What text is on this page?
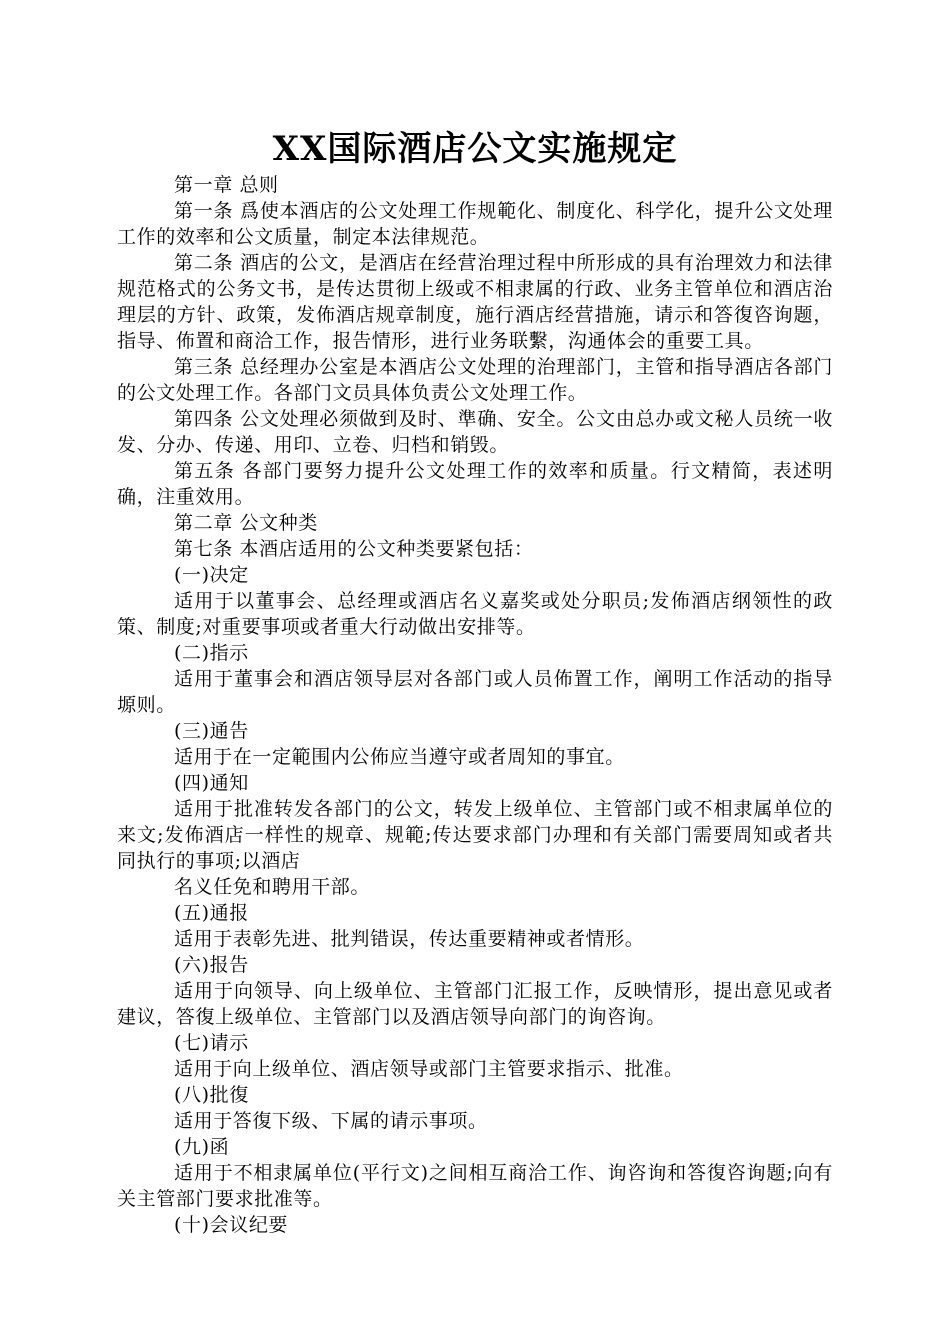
XX国际酒店公文实施规定

第一章 总则

第一条 爲使本酒店的公文处理工作规範化、制度化、科学化，提升公文处理工作的效率和公文质量，制定本法律规范。

第二条 酒店的公文，是酒店在经营治理过程中所形成的具有治理效力和法律规范格式的公务文书，是传达贯彻上级或不相隶属的行政、业务主管单位和酒店治理层的方针、政策，发佈酒店规章制度，施行酒店经营措施，请示和答復咨询题，指导、佈置和商洽工作，报告情形，进行业务联繫，沟通体会的重要工具。

第三条 总经理办公室是本酒店公文处理的治理部门，主管和指导酒店各部门的公文处理工作。各部门文员具体负责公文处理工作。

第四条 公文处理必须做到及时、準确、安全。公文由总办或文秘人员统一收发、分办、传递、用印、立卷、归档和销毁。

第五条 各部门要努力提升公文处理工作的效率和质量。行文精简，表述明确，注重效用。

第二章 公文种类

第七条 本酒店适用的公文种类要紧包括：

(一)决定

适用于以董事会、总经理或酒店名义嘉奖或处分职员;发佈酒店纲领性的政策、制度;对重要事项或者重大行动做出安排等。

(二)指示

适用于董事会和酒店领导层对各部门或人员佈置工作，阐明工作活动的指导塬则。

(三)通告

适用于在一定範围内公佈应当遵守或者周知的事宜。

(四)通知

适用于批准转发各部门的公文，转发上级单位、主管部门或不相隶属单位的来文;发佈酒店一样性的规章、规範;传达要求部门办理和有关部门需要周知或者共同执行的事项;以酒店

名义任免和聘用干部。

(五)通报

适用于表彰先进、批判错误，传达重要精神或者情形。

(六)报告

适用于向领导、向上级单位、主管部门汇报工作，反映情形，提出意见或者建议，答復上级单位、主管部门以及酒店领导向部门的询咨询。

(七)请示

适用于向上级单位、酒店领导或部门主管要求指示、批准。

(八)批復

适用于答復下级、下属的请示事项。

(九)函

适用于不相隶属单位(平行文)之间相互商洽工作、询咨询和答復咨询题;向有关主管部门要求批准等。

(十)会议纪要
